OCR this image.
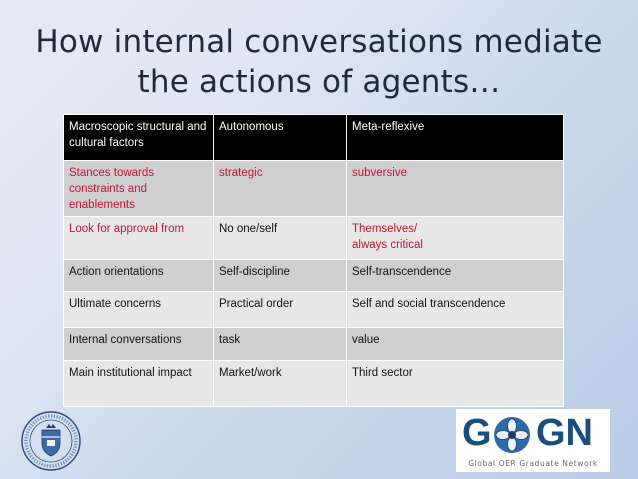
How internal conversations mediate
the actions of agents…
Macroscopic structural and cultural factors	Autonomous	Meta-reflexive
Stances towards constraints and enablements	strategic	subversive
Look for approval from	No one/self	Themselves/
always critical

Action orientations	Self-discipline	Self-transcendence
Ultimate concerns	Practical order	Self and social transcendence
Internal conversations	task	value
Main institutional impact	Market/work	Third sector
G GN
Global OER Graduate Network
